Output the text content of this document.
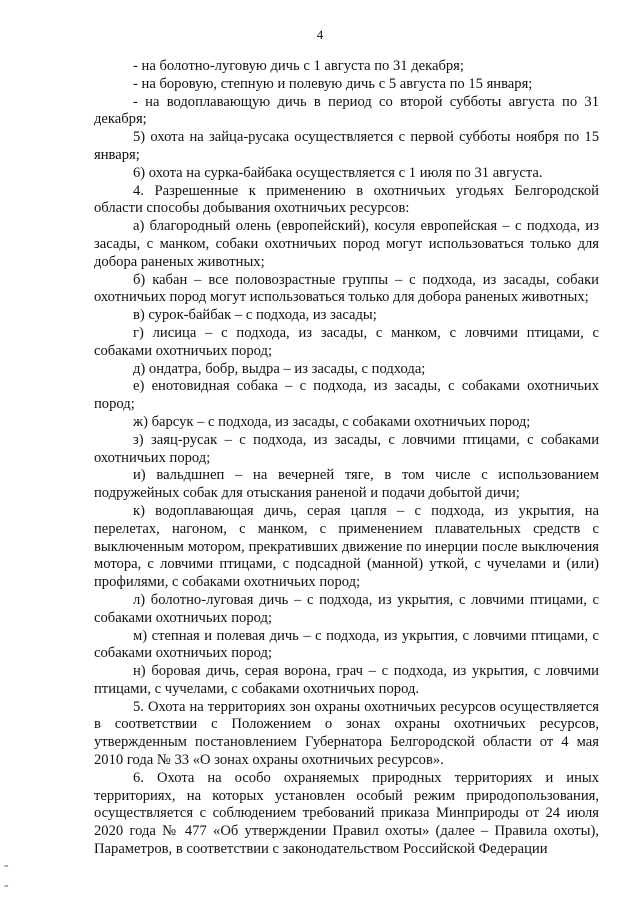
4

- на болотно-луговую дичь с 1 августа по 31 декабря;

- на боровую, степную и полевую дичь с 5 августа по 15 января;

- на водоплавающую дичь в период со второй субботы августа по 31 декабря;

5) охота на зайца-русака осуществляется с первой субботы ноября по 15 января;

6) охота на сурка-байбака осуществляется с 1 июля по 31 августа.

4. Разрешенные к применению в охотничьих угодьях Белгородской области способы добывания охотничьих ресурсов:

а) благородный олень (европейский), косуля европейская – с подхода, из засады, с манком, собаки охотничьих пород могут использоваться только для добора раненых животных;

б) кабан – все половозрастные группы – с подхода, из засады, собаки охотничьих пород могут использоваться только для добора раненых животных;

в) сурок-байбак – с подхода, из засады;

г) лисица – с подхода, из засады, с манком, с ловчими птицами, с собаками охотничьих пород;

д) ондатра, бобр, выдра – из засады, с подхода;

е) енотовидная собака – с подхода, из засады, с собаками охотничьих пород;

ж) барсук – с подхода, из засады, с собаками охотничьих пород;

з) заяц-русак – с подхода, из засады, с ловчими птицами, с собаками охотничьих пород;

и) вальдшнеп – на вечерней тяге, в том числе с использованием подружейных собак для отыскания раненой и подачи добытой дичи;

к) водоплавающая дичь, серая цапля – с подхода, из укрытия, на перелетах, нагоном, с манком, с применением плавательных средств с выключенным мотором, прекративших движение по инерции после выключения мотора, с ловчими птицами, с подсадной (манной) уткой, с чучелами и (или) профилями, с собаками охотничьих пород;

л) болотно-луговая дичь – с подхода, из укрытия, с ловчими птицами, с собаками охотничьих пород;

м) степная и полевая дичь – с подхода, из укрытия, с ловчими птицами, с собаками охотничьих пород;

н) боровая дичь, серая ворона, грач – с подхода, из укрытия, с ловчими птицами, с чучелами, с собаками охотничьих пород.

5. Охота на территориях зон охраны охотничьих ресурсов осуществляется в соответствии с Положением о зонах охраны охотничьих ресурсов, утвержденным постановлением Губернатора Белгородской области от 4 мая 2010 года № 33 «О зонах охраны охотничьих ресурсов».

6. Охота на особо охраняемых природных территориях и иных территориях, на которых установлен особый режим природопользования, осуществляется с соблюдением требований приказа Минприроды от 24 июля 2020 года № 477 «Об утверждении Правил охоты» (далее – Правила охоты), Параметров, в соответствии с законодательством Российской Федерации

-
-
